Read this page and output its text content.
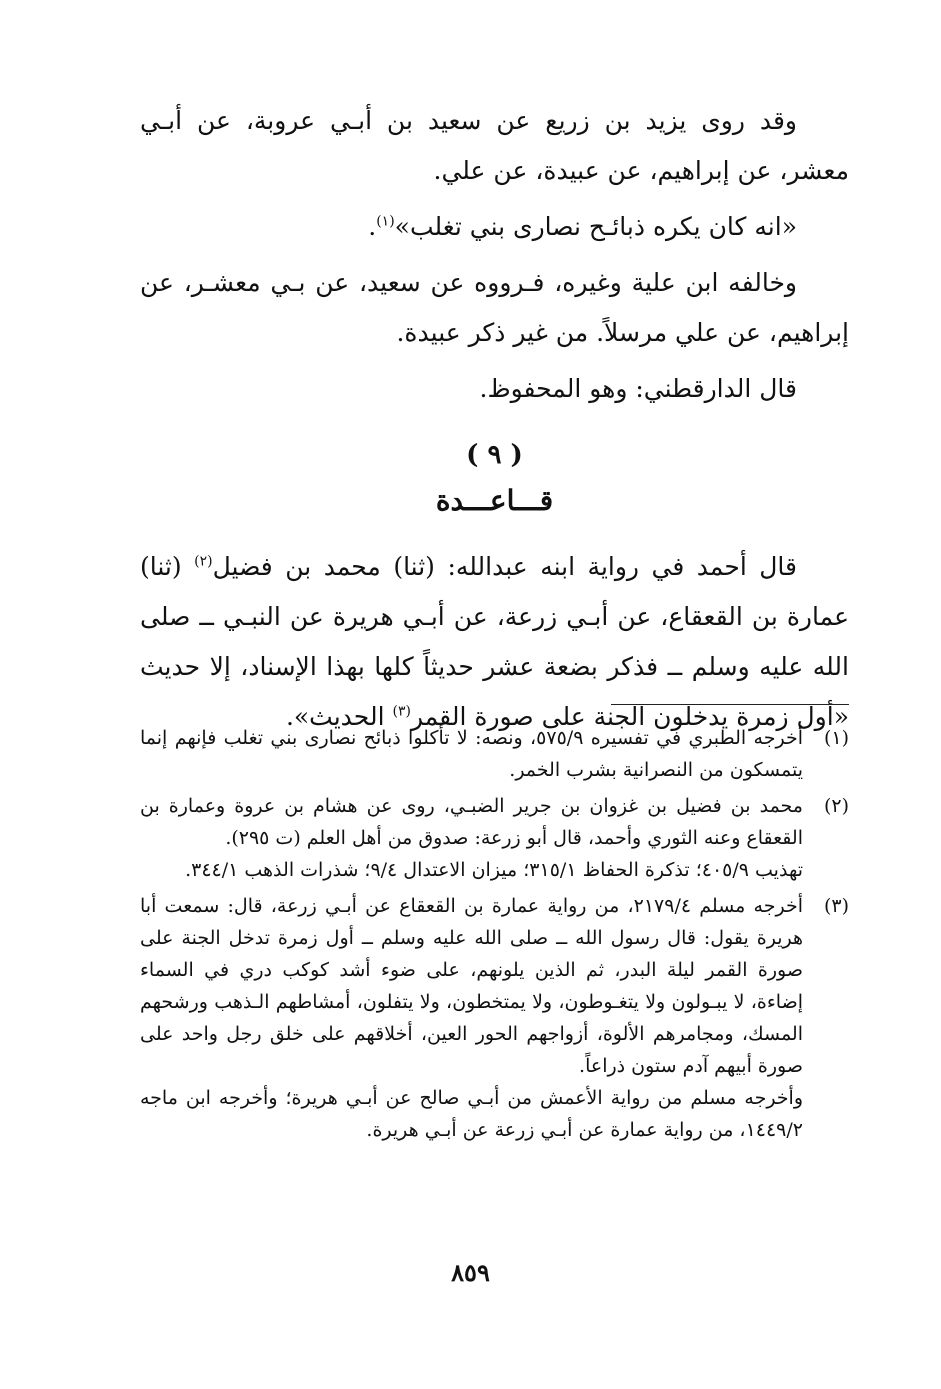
وقد روى يزيد بن زريع عن سعيد بن أبـي عروبة، عن أبـي معشر، عن إبراهيم، عن عبيدة، عن علي.

«انه كان يكره ذبائـح نصارى بني تغلب»$^{(١)}$.

وخالفه ابن علية وغيره، فـرووه عن سعيد، عن بـي معشـر، عن إبراهيم، عن علي مرسلاً. من غير ذكر عبيدة.

قال الدارقطني: وهو المحفوظ.

( ٩ )
قـــاعـــدة

قال أحمد في رواية ابنه عبدالله: (ثنا) محمد بن فضيل$^{(٢)}$ (ثنا) عمارة بن القعقاع، عن أبـي زرعة، عن أبـي هريرة عن النبـي ــ صلى الله عليه وسلم ــ فذكر بضعة عشر حديثاً كلها بهذا الإسناد، إلا حديث «أول زمرة يدخلون الجنة على صورة القمر$^{(٣)}$ الحديث».

(١)

أخرجه الطبري في تفسيره ٥٧٥/٩، ونصه: لا تأكلوا ذبائح نصارى بني تغلب فإنهم إنما يتمسكون من النصرانية بشرب الخمر.

(٢)

محمد بن فضيل بن غزوان بن جرير الضبـي، روى عن هشام بن عروة وعمارة بن القعقاع وعنه الثوري وأحمد، قال أبو زرعة: صدوق من أهل العلم (ت ٢٩٥).

تهذيب ٤٠٥/٩؛ تذكرة الحفاظ ٣١٥/١؛ ميزان الاعتدال ٩/٤؛ شذرات الذهب ٣٤٤/١.

(٣)

أخرجه مسلم ٢١٧٩/٤، من رواية عمارة بن القعقاع عن أبـي زرعة، قال: سمعت أبا هريرة يقول: قال رسول الله ــ صلى الله عليه وسلم ــ أول زمرة تدخل الجنة على صورة القمر ليلة البدر، ثم الذين يلونهم، على ضوء أشد كوكب دري في السماء إضاءة، لا يبـولون ولا يتغـوطون، ولا يمتخطون، ولا يتفلون، أمشاطهم الـذهب ورشحهم المسك، ومجامرهم الألوة، أزواجهم الحور العين، أخلاقهم على خلق رجل واحد على صورة أبيهم آدم ستون ذراعاً.

وأخرجه مسلم من رواية الأعمش من أبـي صالح عن أبـي هريرة؛ وأخرجه ابن ماجه ١٤٤٩/٢، من رواية عمارة عن أبـي زرعة عن أبـي هريرة.

٨٥٩
